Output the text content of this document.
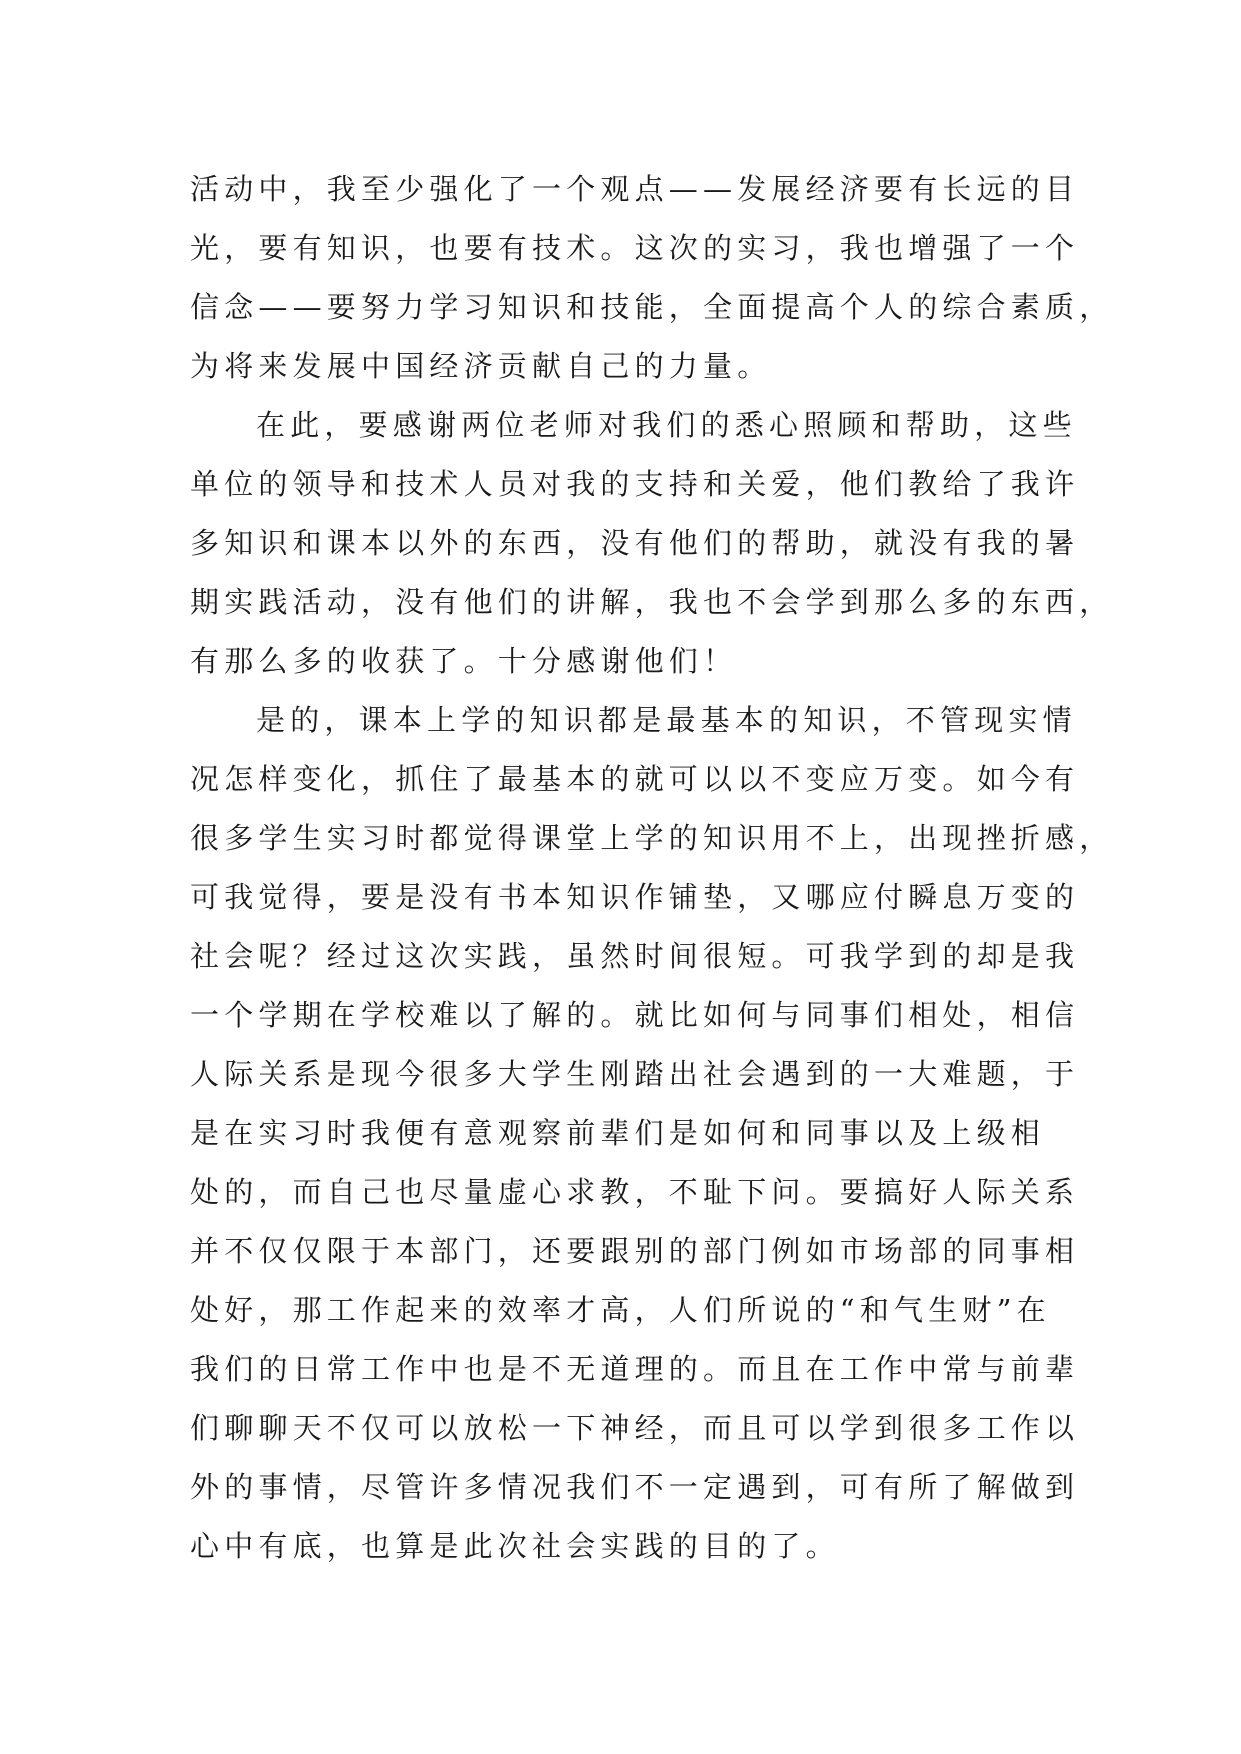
活动中，我至少强化了一个观点——发展经济要有长远的目
光，要有知识，也要有技术。这次的实习，我也增强了一个
信念——要努力学习知识和技能，全面提高个人的综合素质，
为将来发展中国经济贡献自己的力量。
在此，要感谢两位老师对我们的悉心照顾和帮助，这些
单位的领导和技术人员对我的支持和关爱，他们教给了我许
多知识和课本以外的东西，没有他们的帮助，就没有我的暑
期实践活动，没有他们的讲解，我也不会学到那么多的东西，
有那么多的收获了。十分感谢他们！
是的，课本上学的知识都是最基本的知识，不管现实情
况怎样变化，抓住了最基本的就可以以不变应万变。如今有
很多学生实习时都觉得课堂上学的知识用不上，出现挫折感，
可我觉得，要是没有书本知识作铺垫，又哪应付瞬息万变的
社会呢？经过这次实践，虽然时间很短。可我学到的却是我
一个学期在学校难以了解的。就比如何与同事们相处，相信
人际关系是现今很多大学生刚踏出社会遇到的一大难题，于
是在实习时我便有意观察前辈们是如何和同事以及上级相
处的，而自己也尽量虚心求教，不耻下问。要搞好人际关系
并不仅仅限于本部门，还要跟别的部门例如市场部的同事相
处好，那工作起来的效率才高，人们所说的“和气生财”在
我们的日常工作中也是不无道理的。而且在工作中常与前辈
们聊聊天不仅可以放松一下神经，而且可以学到很多工作以
外的事情，尽管许多情况我们不一定遇到，可有所了解做到
心中有底，也算是此次社会实践的目的了。
